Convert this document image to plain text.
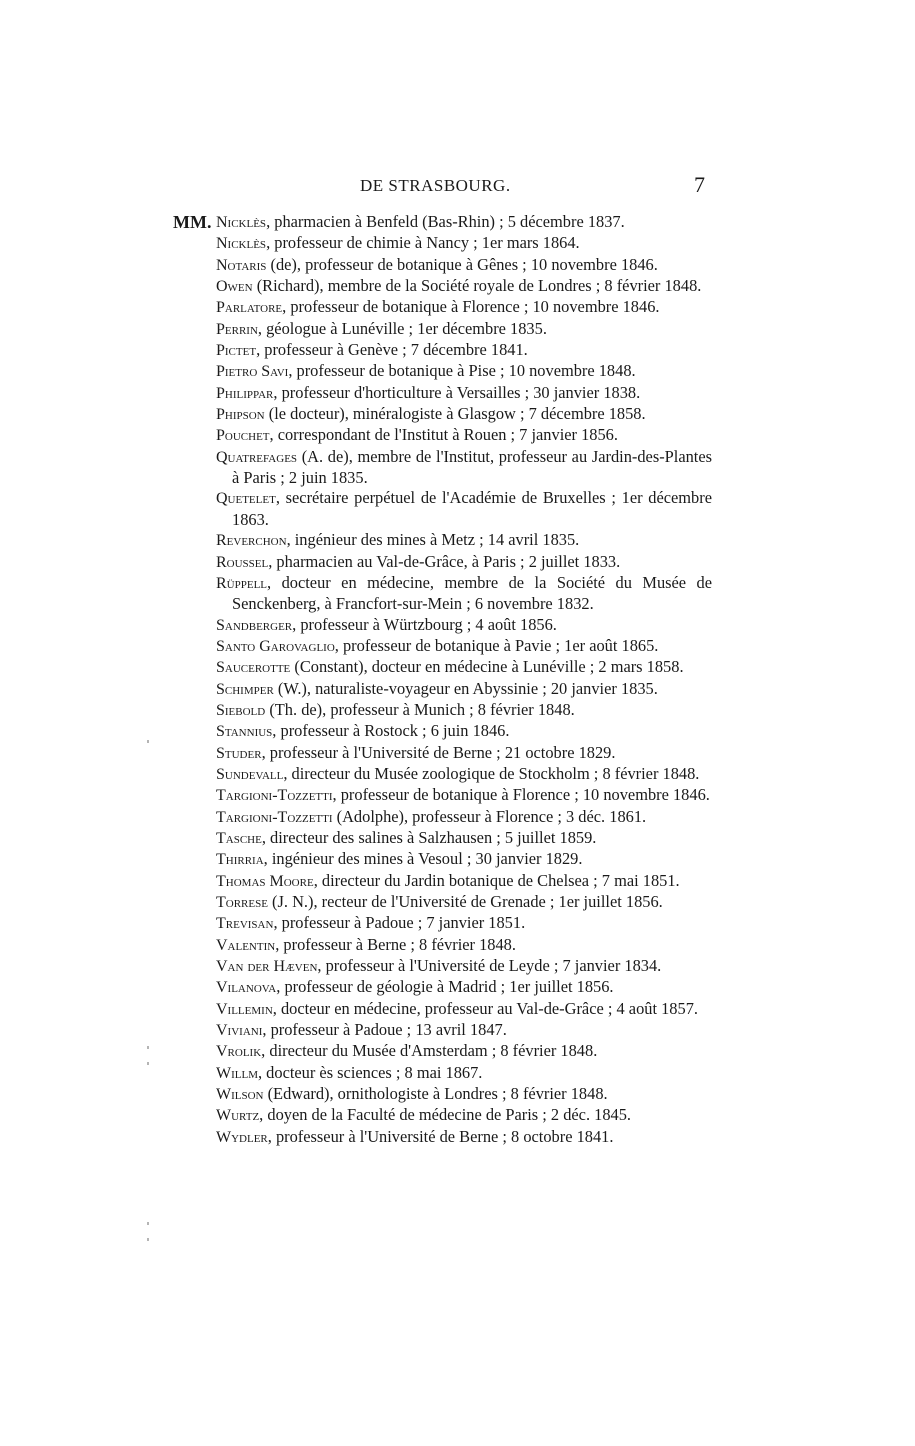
DE STRASBOURG.	7
MM. Nicklès, pharmacien à Benfeld (Bas-Rhin) ; 5 décembre 1837.
Nicklès, professeur de chimie à Nancy ; 1er mars 1864.
Notaris (de), professeur de botanique à Gênes ; 10 novembre 1846.
Owen (Richard), membre de la Société royale de Londres ; 8 février 1848.
Parlatore, professeur de botanique à Florence ; 10 novembre 1846.
Perrin, géologue à Lunéville ; 1er décembre 1835.
Pictet, professeur à Genève ; 7 décembre 1841.
Pietro Savi, professeur de botanique à Pise ; 10 novembre 1848.
Philippar, professeur d'horticulture à Versailles ; 30 janvier 1838.
Phipson (le docteur), minéralogiste à Glasgow ; 7 décembre 1858.
Pouchet, correspondant de l'Institut à Rouen ; 7 janvier 1856.
Quatrefages (A. de), membre de l'Institut, professeur au Jardin-des-Plantes à Paris ; 2 juin 1835.
Quetelet, secrétaire perpétuel de l'Académie de Bruxelles ; 1er décembre 1863.
Reverchon, ingénieur des mines à Metz ; 14 avril 1835.
Roussel, pharmacien au Val-de-Grâce, à Paris ; 2 juillet 1833.
Rüppell, docteur en médecine, membre de la Société du Musée de Senckenberg, à Francfort-sur-Mein ; 6 novembre 1832.
Sandberger, professeur à Würtzbourg ; 4 août 1856.
Santo Garovaglio, professeur de botanique à Pavie ; 1er août 1865.
Saucerotte (Constant), docteur en médecine à Lunéville ; 2 mars 1858.
Schimper (W.), naturaliste-voyageur en Abyssinie ; 20 janvier 1835.
Siebold (Th. de), professeur à Munich ; 8 février 1848.
Stannius, professeur à Rostock ; 6 juin 1846.
Studer, professeur à l'Université de Berne ; 21 octobre 1829.
Sundevall, directeur du Musée zoologique de Stockholm ; 8 février 1848.
Targioni-Tozzetti, professeur de botanique à Florence ; 10 novembre 1846.
Targioni-Tozzetti (Adolphe), professeur à Florence ; 3 déc. 1861.
Tasche, directeur des salines à Salzhausen ; 5 juillet 1859.
Thirria, ingénieur des mines à Vesoul ; 30 janvier 1829.
Thomas Moore, directeur du Jardin botanique de Chelsea ; 7 mai 1851.
Torrese (J. N.), recteur de l'Université de Grenade ; 1er juillet 1856.
Trevisan, professeur à Padoue ; 7 janvier 1851.
Valentin, professeur à Berne ; 8 février 1848.
Van der Hæven, professeur à l'Université de Leyde ; 7 janvier 1834.
Vilanova, professeur de géologie à Madrid ; 1er juillet 1856.
Villemin, docteur en médecine, professeur au Val-de-Grâce ; 4 août 1857.
Viviani, professeur à Padoue ; 13 avril 1847.
Vrolik, directeur du Musée d'Amsterdam ; 8 février 1848.
Willm, docteur ès sciences ; 8 mai 1867.
Wilson (Edward), ornithologiste à Londres ; 8 février 1848.
Wurtz, doyen de la Faculté de médecine de Paris ; 2 déc. 1845.
Wydler, professeur à l'Université de Berne ; 8 octobre 1841.
